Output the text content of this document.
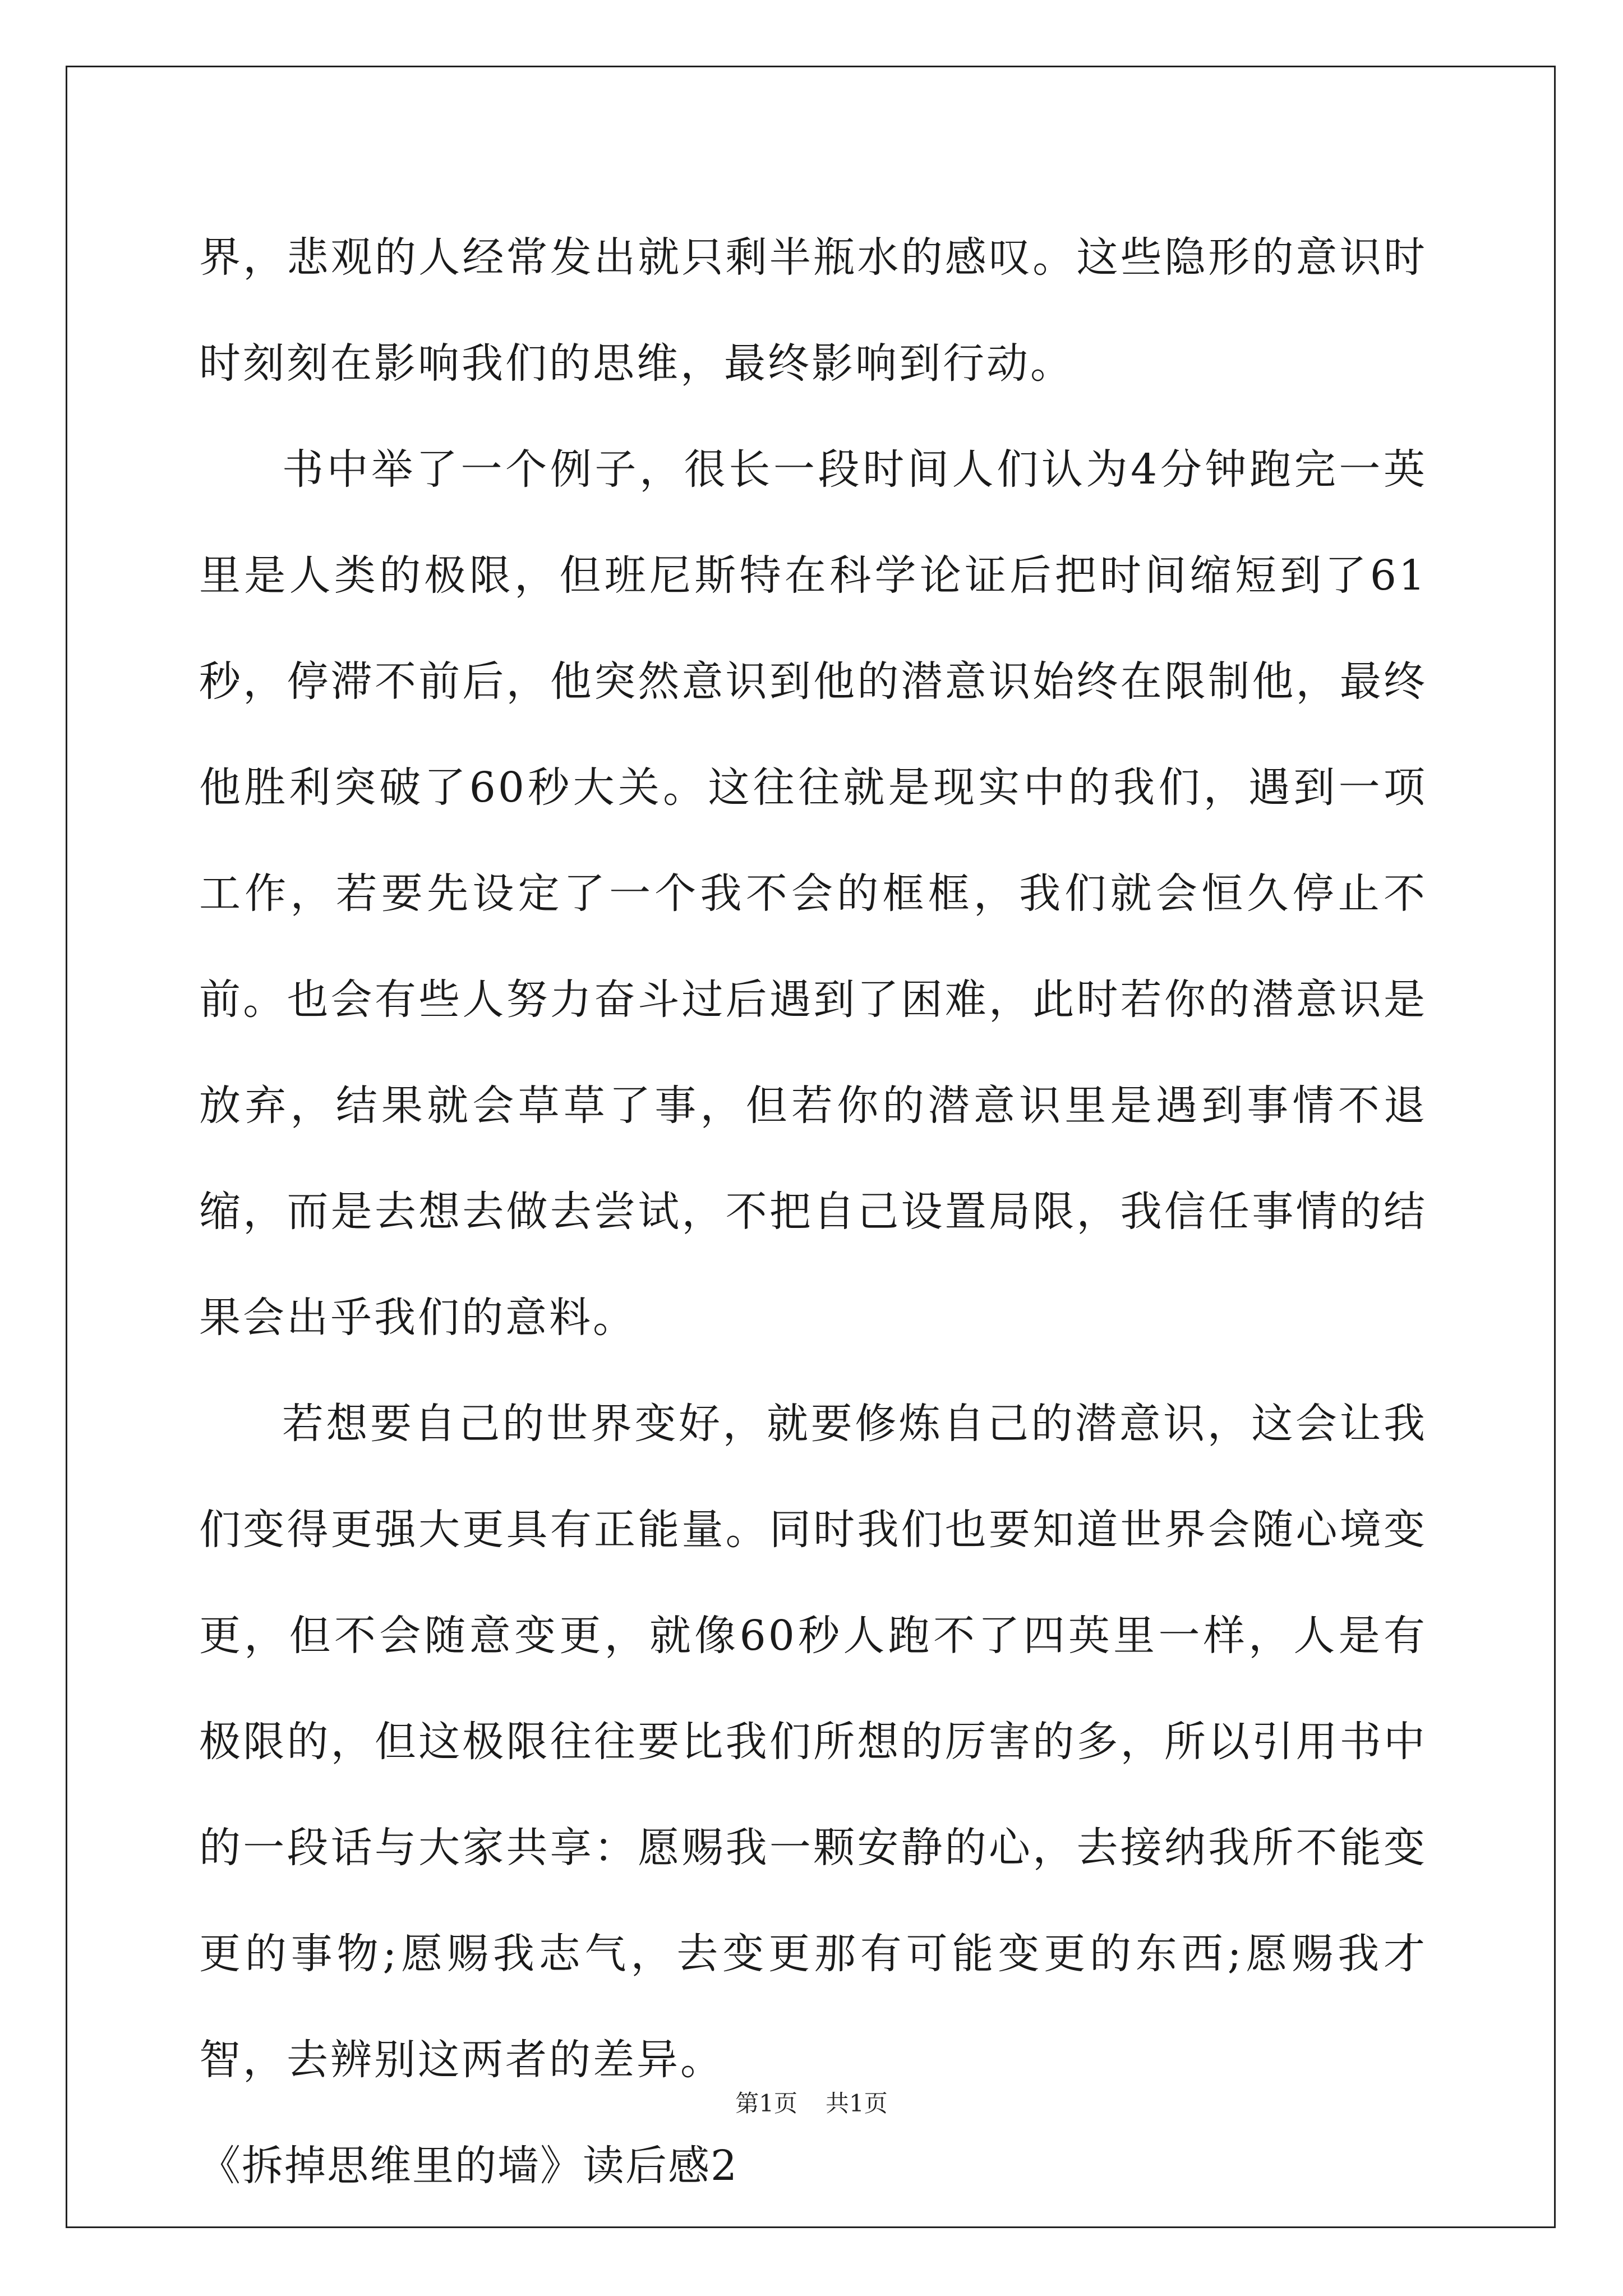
界，悲观的人经常发出就只剩半瓶水的感叹。这些隐形的意识时时刻刻在影响我们的思维，最终影响到行动。

书中举了一个例子，很长一段时间人们认为4分钟跑完一英里是人类的极限，但班尼斯特在科学论证后把时间缩短到了61秒，停滞不前后，他突然意识到他的潜意识始终在限制他，最终他胜利突破了60秒大关。这往往就是现实中的我们，遇到一项工作，若要先设定了一个我不会的框框，我们就会恒久停止不前。也会有些人努力奋斗过后遇到了困难，此时若你的潜意识是放弃，结果就会草草了事，但若你的潜意识里是遇到事情不退缩，而是去想去做去尝试，不把自己设置局限，我信任事情的结果会出乎我们的意料。

若想要自己的世界变好，就要修炼自己的潜意识，这会让我们变得更强大更具有正能量。同时我们也要知道世界会随心境变更，但不会随意变更，就像60秒人跑不了四英里一样，人是有极限的，但这极限往往要比我们所想的厉害的多，所以引用书中的一段话与大家共享：愿赐我一颗安静的心，去接纳我所不能变更的事物;愿赐我志气，去变更那有可能变更的东西;愿赐我才智，去辨别这两者的差异。

《拆掉思维里的墙》读后感2

第1页 共1页
